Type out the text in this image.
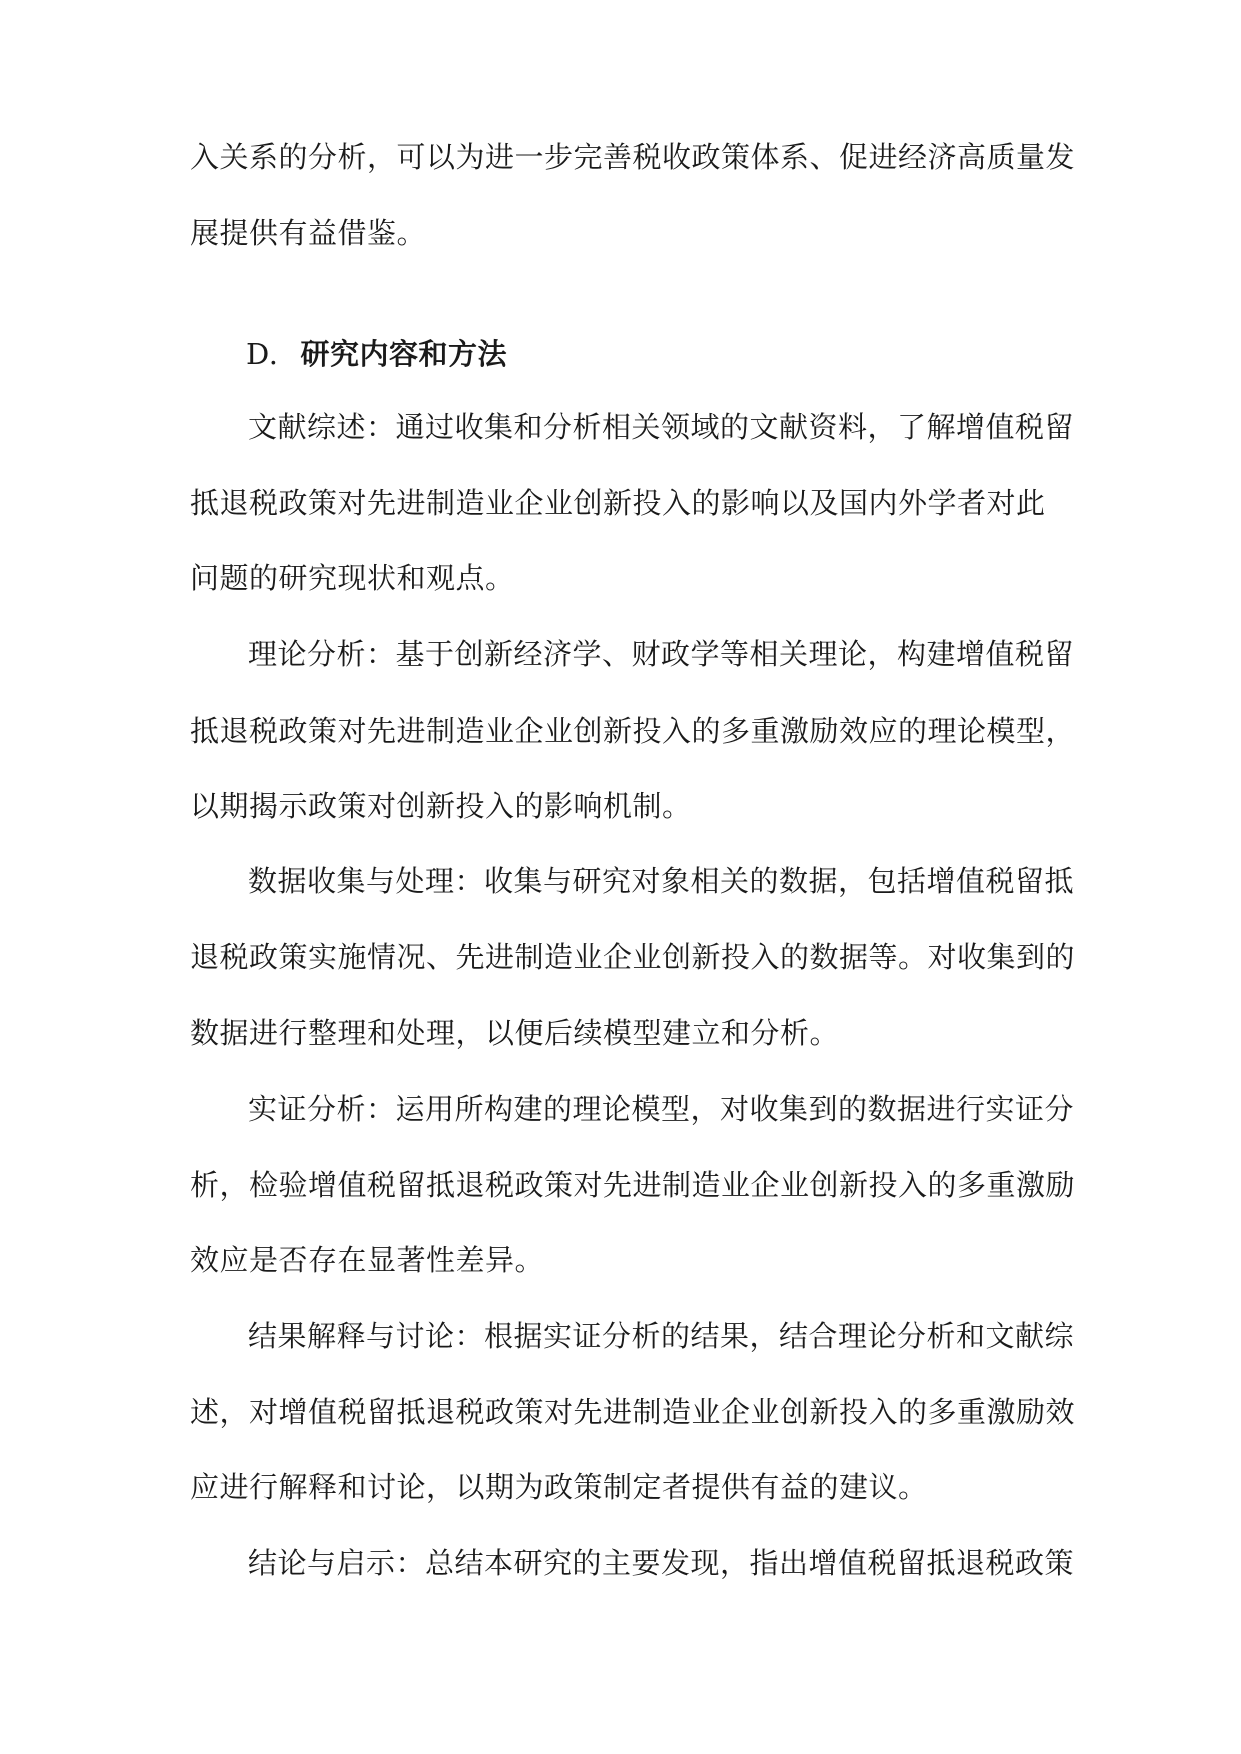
入关系的分析，可以为进一步完善税收政策体系、促进经济高质量发
展提供有益借鉴。
D. 研究内容和方法
文献综述：通过收集和分析相关领域的文献资料，了解增值税留
抵退税政策对先进制造业企业创新投入的影响以及国内外学者对此
问题的研究现状和观点。
理论分析：基于创新经济学、财政学等相关理论，构建增值税留
抵退税政策对先进制造业企业创新投入的多重激励效应的理论模型，
以期揭示政策对创新投入的影响机制。
数据收集与处理：收集与研究对象相关的数据，包括增值税留抵
退税政策实施情况、先进制造业企业创新投入的数据等。对收集到的
数据进行整理和处理，以便后续模型建立和分析。
实证分析：运用所构建的理论模型，对收集到的数据进行实证分
析，检验增值税留抵退税政策对先进制造业企业创新投入的多重激励
效应是否存在显著性差异。
结果解释与讨论：根据实证分析的结果，结合理论分析和文献综
述，对增值税留抵退税政策对先进制造业企业创新投入的多重激励效
应进行解释和讨论，以期为政策制定者提供有益的建议。
结论与启示：总结本研究的主要发现，指出增值税留抵退税政策
